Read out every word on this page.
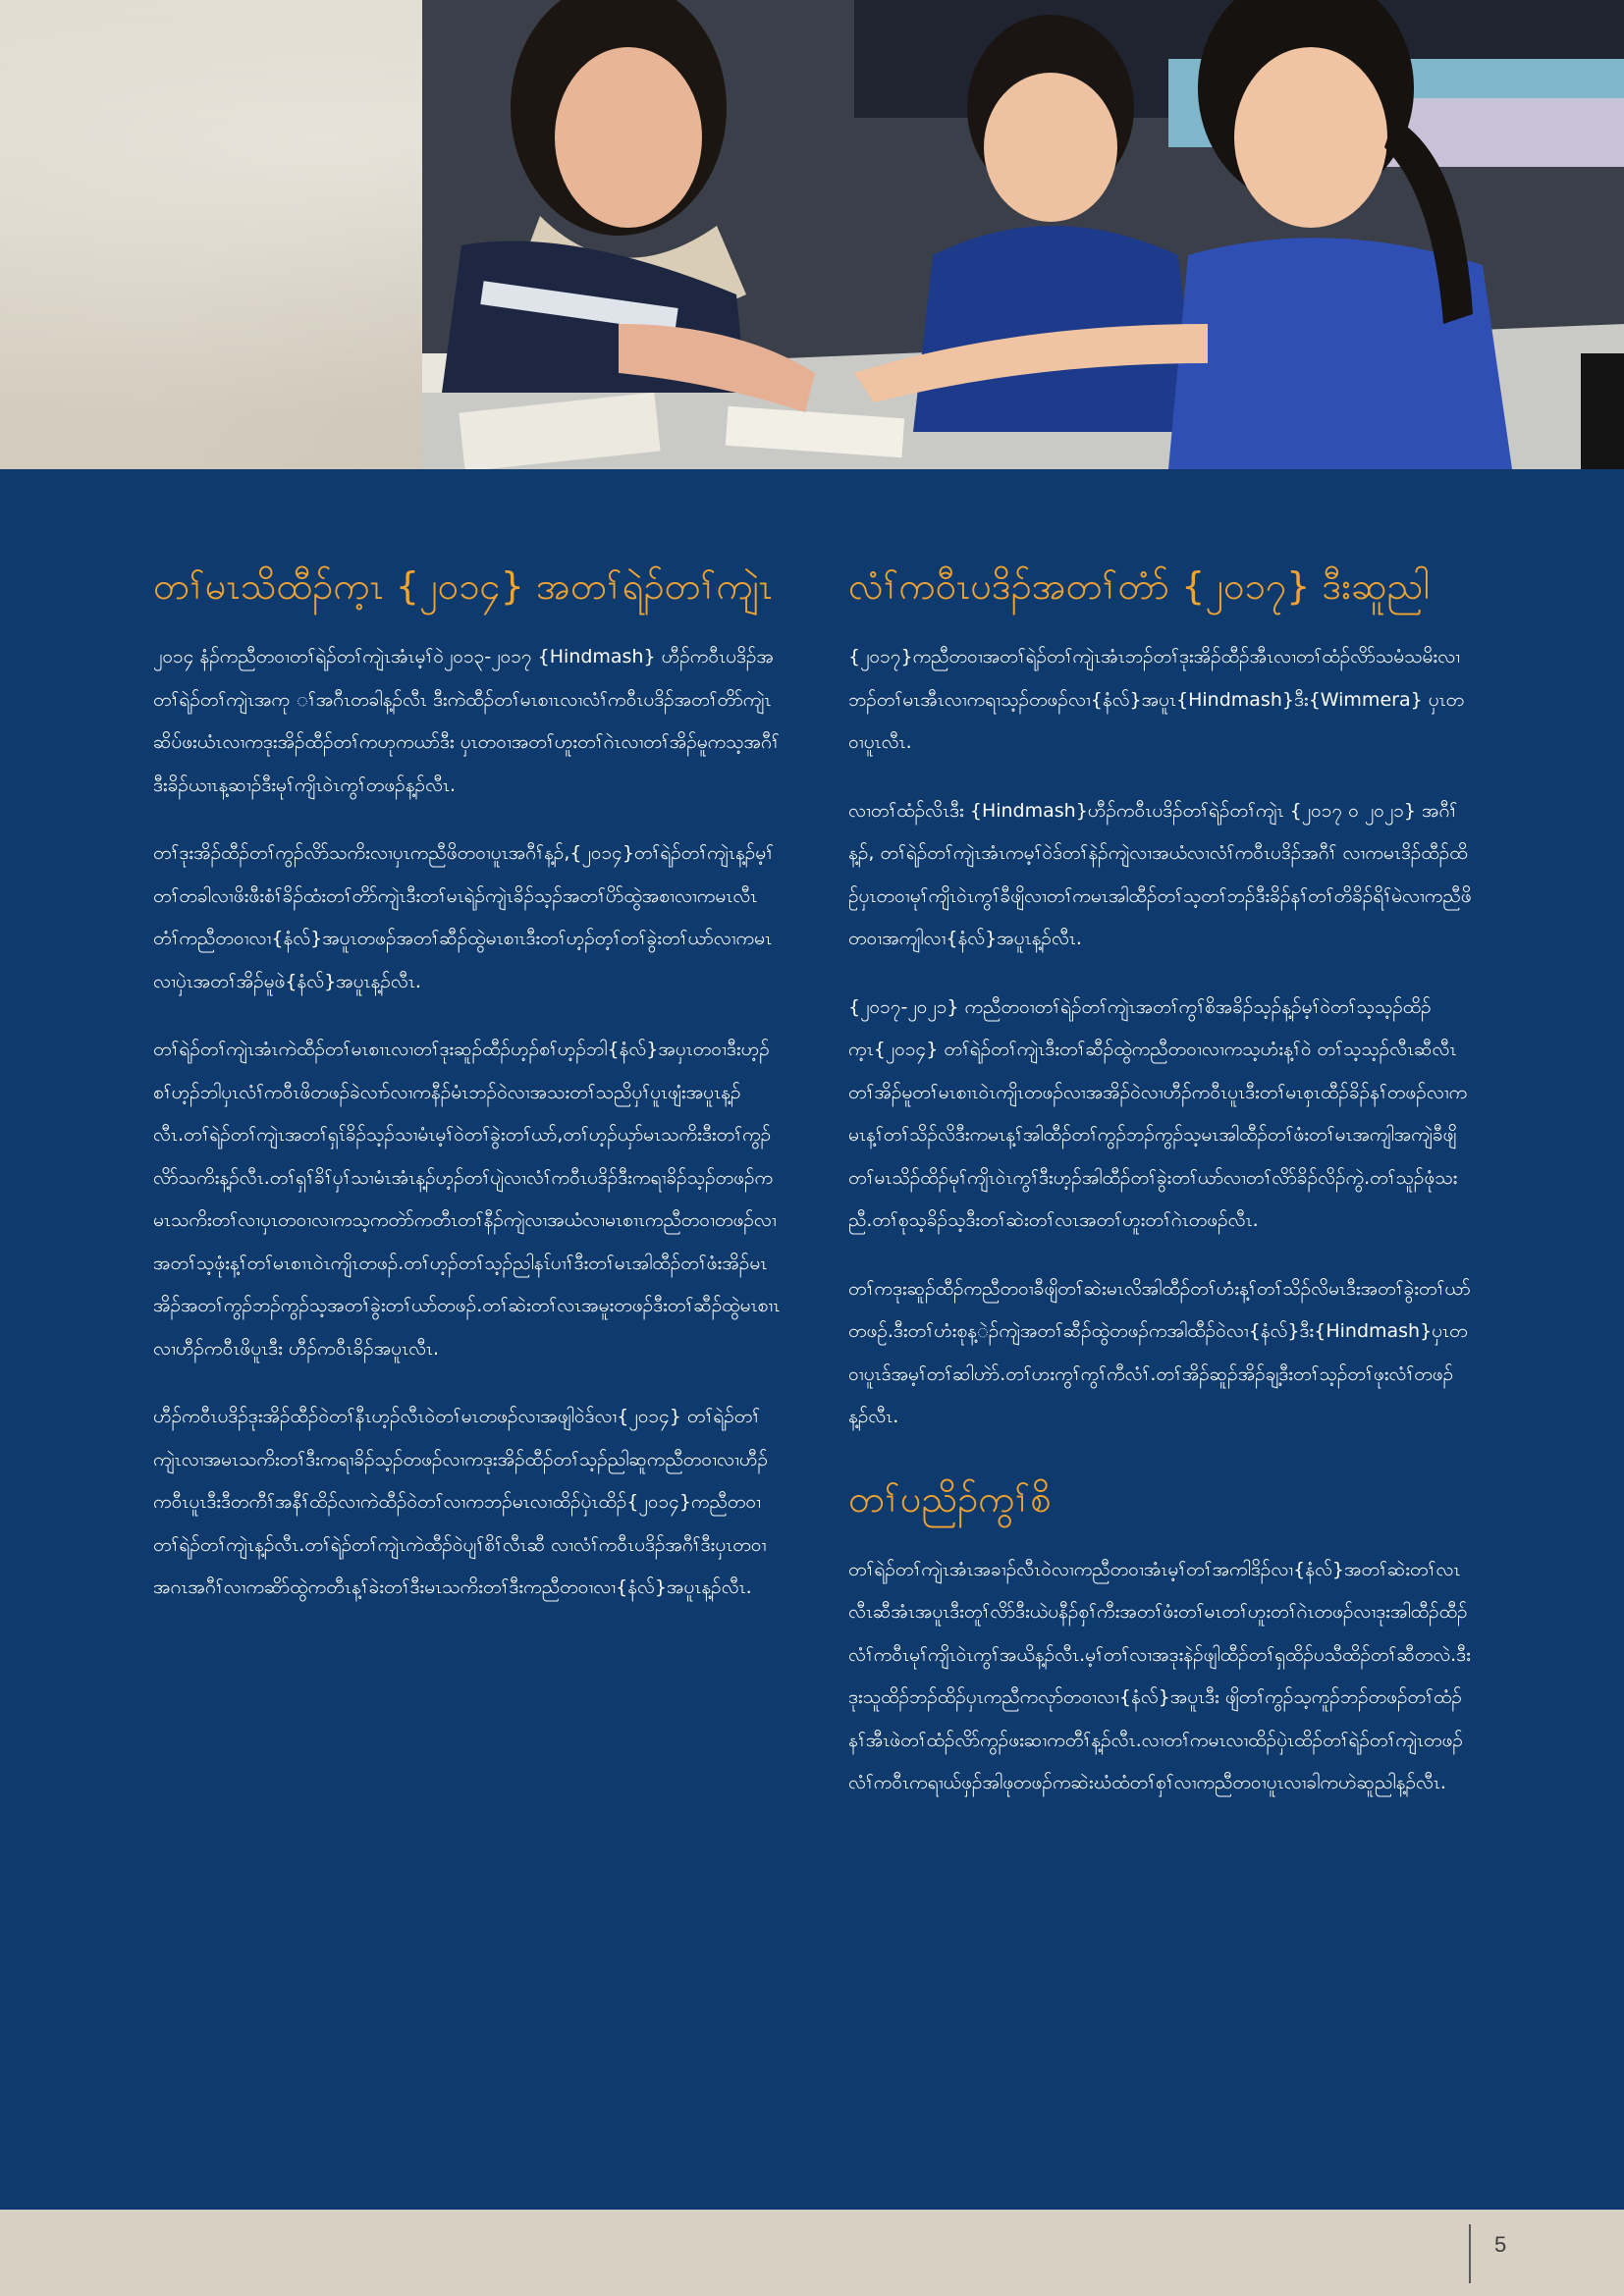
တၢ်မၤသိထီၣ်က့ၤ {၂၀၁၄} အတၢ်ရဲၣ်တၢ်ကျဲၤ

၂၀၁၄ နံၣ်ကညီတဝၢတၢ်ရဲၣ်တၢ်ကျဲၤအံၤမ့ၢ်ဝဲ၂၀၁၃-၂၀၁၇ {Hindmash} ဟီၣ်ကဝီၤပဒိၣ်အတၢ်ရဲၣ်တၢ်ကျဲၤအကု ၢ်အဂီၤတခါန့ၣ်လီၤ ဒီးကဲထီၣ်တၢ်မၤစၢၤလၢလံၢ်ကဝီၤပဒိၣ်အတၢ်တိာ်ကျဲၤဆိပ်ဖးယံၤလၢကဒုးအိၣ်ထီၣ်တၢ်ကဟုကယာ်ဒီး ပှၤတဝၢအတၢ်ဟူးတၢ်ဂဲၤလၢတၢ်အိၣ်မူကသ့အဂီၢ်ဒီးခိၣ်ယၢၤန့ဆၢၣ်ဒီးမုၢ်ကျိၤဝဲၤကွၢ်တဖၣ်န့ၣ်လီၤ.

တၢ်ဒုးအိၣ်ထီၣ်တၢ်ကွၣ်လိာ်သကိးလၢပှၤကညီဖိတဝၢပူၤအဂီၢ်န့ၣ်,{၂၀၁၄}တၢ်ရဲၣ်တၢ်ကျဲၤန့ၣ်မ့ၢ်တၢ်တခါလၢဖိးဖီးစံၢ်ခိၣ်ထံးတၢ်တိာ်ကျဲၤဒီးတၢ်မၤရဲၣ်ကျဲၤခိၣ်သ့ၣ်အတၢ်ပိာ်ထွဲအစၢလၢကမၤလီၤတံၢ်ကညီတဝၢလၢ{နံလ်}အပူၤတဖၣ်အတၢ်ဆီၣ်ထွဲမၤစၢၤဒီးတၢ်ဟ့ၣ်တ့ၢ်တၢ်ခွဲးတၢ်ယာ်လၢကမၤလၢပှဲၤအတၢ်အိၣ်မူဖဲ{နံလ်}အပူၤန့ၣ်လီၤ.

တၢ်ရဲၣ်တၢ်ကျဲၤအံၤကဲထီၣ်တၢ်မၤစၢၤလၢတၢ်ဒုးဆူၣ်ထီၣ်ဟ့ၣ်စၢ်ဟ့ၣ်ဘါ{နံလ်}အပှၤတဝၢဒီးဟ့ၣ်စၢ်ဟ့ၣ်ဘါပှၤလံၢ်ကဝီၤဖိတဖၣ်ခဲလၢာ်လၢကနီၣ်မံၤဘၣ်ဝဲလၢအသးတၢ်သညိပှၢ်ပူၤဖျံးအပူၤန့ၣ်လီၤ.တၢ်ရဲၣ်တၢ်ကျဲၤအတၢ်ရှၤ်ခိၣ်သ့ၣ်သၢမံၤမ့ၢ်ဝဲတၢ်ခွဲးတၢ်ယာ်,တၢ်ဟ့ၣ်ယှာ်မၤသကိးဒီးတၢ်ကွၣ်လိာ်သကိးန့ၣ်လီၤ.တၢ်ရှၢ်ခိၢ်ပှၢ်သၢမံၤအံၤန့ၣ်ဟ့ၣ်တၢ်ပျဲလၢလံၢ်ကဝီၤပဒိၣ်ဒီးကရၢခိၣ်သ့ၣ်တဖၣ်ကမၤသကိးတၢ်လၢပှၤတဝၢလၢကသ့ကတဲာ်ကတီၤတၢ်နီၣ်ကျဲလၢအယံလၢမၤစၢၤကညီတဝၢတဖၣ်လၢအတၢ်သ့ဖုံးန့ၢ်တၢ်မၤစၢၤဝဲၤကျိၤတဖၣ်.တၢ်ဟ့ၣ်တၢ်သ့ၣ်ညါနၤ်ပၢၢ်ဒီးတၢ်မၤအါထီၣ်တၢ်ဖံးအိၣ်မၤအိၣ်အတၢ်ကွၣ်ဘၣ်ကွၣ်သ့အတၢ်ခွဲးတၢ်ယာ်တဖၣ်.တၢ်ဆဲးတၢ်လၤအမူးတဖၣ်ဒီးတၢ်ဆီၣ်ထွဲမၤစၢၤလၢဟီၣ်ကဝီၤဖိပူၤဒီး ဟီၣ်ကဝီၤခိၣ်အပူၤလီၤ.

ဟီၣ်ကဝီၤပဒိၣ်ဒုးအိၣ်ထီၣ်ဝဲတၢ်နီၤဟ့ၣ်လီၤဝဲတၢ်မၤတဖၣ်လၢအဖျါဝဲဒ်လၢ{၂၀၁၄} တၢ်ရဲၣ်တၢ်ကျဲၤလၢအမၤသကိးတၢ်ဒီးကရၢခိၣ်သ့ၣ်တဖၣ်လၢကဒုးအိၣ်ထီၣ်တၢ်သ့ၣ်ညါဆူကညီတဝၢလၢဟီၣ်ကဝီၤပူၤဒီးဒီတကီၢ်အနီၢ်ထိၣ်လၢကဲထီၣ်ဝဲတၢ်လၢကဘၣ်မၤလၢထိၣ်ပှဲၤထိၣ်{၂၀၁၄}ကညီတဝၢတၢ်ရဲၣ်တၢ်ကျဲၤန့ၣ်လီၤ.တၢ်ရဲၣ်တၢ်ကျဲၤကဲထီၣ်ဝဲပျၢ်စိၢ်လီၤဆီ လၢလံၢ်ကဝီၤပဒိၣ်အဂီၢ်ဒီးပှၤတဝၢအဂၤအဂီၢ်လၢကဆိာ်ထွဲကတီၤန့ၢ်ခဲးတၢ်ဒီးမၤသကိးတၢ်ဒီးကညီတဝၢလၢ{နံလ်}အပူၤန့ၣ်လီၤ.

လံၢ်ကဝီၤပဒိၣ်အတၢ်တံာ် {၂၀၁၇} ဒီးဆူညါ

{၂၀၁၇}ကညီတဝၢအတၢ်ရဲၣ်တၢ်ကျဲၤအံၤဘၣ်တၢ်ဒုးအိၣ်ထီၣ်အီၤလၢတၢ်ထံၣ်လိာ်သမံသမိးလၢဘၣ်တၢ်မၤအီၤလၢကရၢသ့ၣ်တဖၣ်လၢ{နံလ်}အပူၤ{Hindmash}ဒီး{Wimmera} ပှၤတဝၢပူၤလီၤ.

လၢတၢ်ထံၣ်လိၤဒီး {Hindmash}ဟီၣ်ကဝီၤပဒိၣ်တၢ်ရဲၣ်တၢ်ကျဲၤ {၂၀၁၇ ဝ ၂၀၂၁} အဂီၢ်န့ၣ်, တၢ်ရဲၣ်တၢ်ကျဲၤအံၤကမ့ၢ်ဝဲဒ်တၢ်နဲၣ်ကျဲလၢအယံလၢလံၢ်ကဝီၤပဒိၣ်အဂီၢ် လၢကမၤဒိၣ်ထီၣ်ထိဉ်ပှၤတဝၢမုၢ်ကျိၤဝဲၤကွၢ်ခီဖျိလၢတၢ်ကမၤအါထီၣ်တၢ်သ့တၢ်ဘၣ်ဒီးခိၣ်နၢ်တၢ်တိခိၣ်ရိၢ်မဲလၢကညီဖိတဝၢအကျါလၢ{နံလ်}အပူၤန့ၣ်လီၤ.

{၂၀၁၇-၂၀၂၁} ကညီတဝၢတၢ်ရဲၣ်တၢ်ကျဲၤအတၢ်ကွၢ်စိအခိၣ်သ့ၣ်န့ၣ်မ့ၢ်ဝဲတၢ်သ့သ့ၣ်ထိၣ်က့ၤ{၂၀၁၄} တၢ်ရဲၣ်တၢ်ကျဲၤဒီးတၢ်ဆီၣ်ထွဲကညီတဝၢလၢကသ့ဟံးန့ၢ်ဝဲ တၢ်သ့သ့ၣ်လီၤဆီလီၤတၢ်အိၣ်မူတၢ်မၤစၢၤဝဲၤကျိၤတဖၣ်လၢအအိၣ်ဝဲလၢဟီၣ်ကဝီၤပူၤဒီးတၢ်မၤစှၤထီၣ်ခိၣ်နၢ်တဖၣ်လၢကမၤန့ၢ်တၢ်သိၣ်လိဒီးကမၤန့ၢ်အါထီၣ်တၢ်ကွၣ်ဘၣ်ကွၣ်သ့မၤအါထီၣ်တၢ်ဖံးတၢ်မၤအကျါအကျဲခီဖျိတၢ်မၤသိၣ်ထိၣ်မုၢ်ကျိၤဝဲၤကွၢ်ဒီးဟ့ၣ်အါထီၣ်တၢ်ခွဲးတၢ်ယာ်လၢတၢ်လိာ်ခိၣ်လိၣ်ကွဲ.တၢ်သူၣ်ဖုံသးညီ.တၢ်စုသ့ခိၣ်သ့ဒီးတၢ်ဆဲးတၢ်လၤအတၢ်ဟူးတၢ်ဂဲၤတဖၣ်လီၤ.

တၢ်ကဒုးဆူၣ်ထီၣ်ကညီတဝၢခီဖျိတၢ်ဆဲးမၤလိအါထီၣ်တၢ်ဟံးန့ၢ်တၢ်သိၣ်လိမၤဒီးအတၢ်ခွဲးတၢ်ယာ်တဖဉ်.ဒီးတၢ်ဟံးစုန့ဲၣ်ကျဲအတၢ်ဆီၣ်ထွဲတဖၣ်ကအါထီၣ်ဝဲလၢ{နံလ်}ဒီး{Hindmash}ပှၤတဝၢပူၤဒ်အမ့ၢ်တၢ်ဆါဟဲာ်.တၢ်ဟးကွၢ်ကွၢ်ကီလံၢ်.တၢ်အိၣ်ဆူၣ်အိၣ်ချ့ဒီးတၢ်သ့ၣ်တၢ်ဖုးလံၢ်တဖၣ်န့ၣ်လီၤ.

တၢ်ပညိၣ်ကွၢ်စိ

တၢ်ရဲၣ်တၢ်ကျဲၤအံၤအခၢၣ်လီၤဝဲလၢကညီတဝၢအံၤမ့ၢ်တၢ်အကါဒိၣ်လၢ{နံလ်}အတၢ်ဆဲးတၢ်လၤလီၤဆီအံၤအပူၤဒီးတူၢ်လိာ်ဒီးယဲပနီၣ်စှၢ်ကီးအတၢ်ဖံးတၢ်မၤတၢ်ဟူးတၢ်ဂဲၤတဖၣ်လၢဒုးအါထီၣ်ထီၣ်လံၢ်ကဝီၤမုၢ်ကျိၤဝဲၤကွၢ်အယိန့ၣ်လီၤ.မ့ၢ်တၢ်လၢအဒုးနဲၣ်ဖျါထီၣ်တၢ်ရှထိၣ်ပသီထိၣ်တၢ်ဆီတလဲ.ဒီးဒုးသူထိၣ်ဘၣ်ထိၣ်ပှၤကညီကလုာ်တဝၢလၢ{နံလ်}အပူၤဒီး ဖျိတၢ်ကွၣ်သ့ကူၣ်ဘၣ်တဖၣ်တၢ်ထံၣ်နၢ်အီၤဖဲတၢ်ထံၣ်လိာ်ကွၣ်ဖးဆၢကတီၢ်န့ၣ်လီၤ.လၢတၢ်ကမၤလၢထိၣ်ပှဲၤထိၣ်တၢ်ရဲၣ်တၢ်ကျဲၤတဖၣ်လံၢ်ကဝီၤကရၢယ်ဖှၣ်အါဖုတဖၣ်ကဆဲးဃံထံတၢ်စှၢ်လၢကညီတဝၢပူၤလၢခါကဟဲဆူညါန့ၣ်လီၤ.

5
